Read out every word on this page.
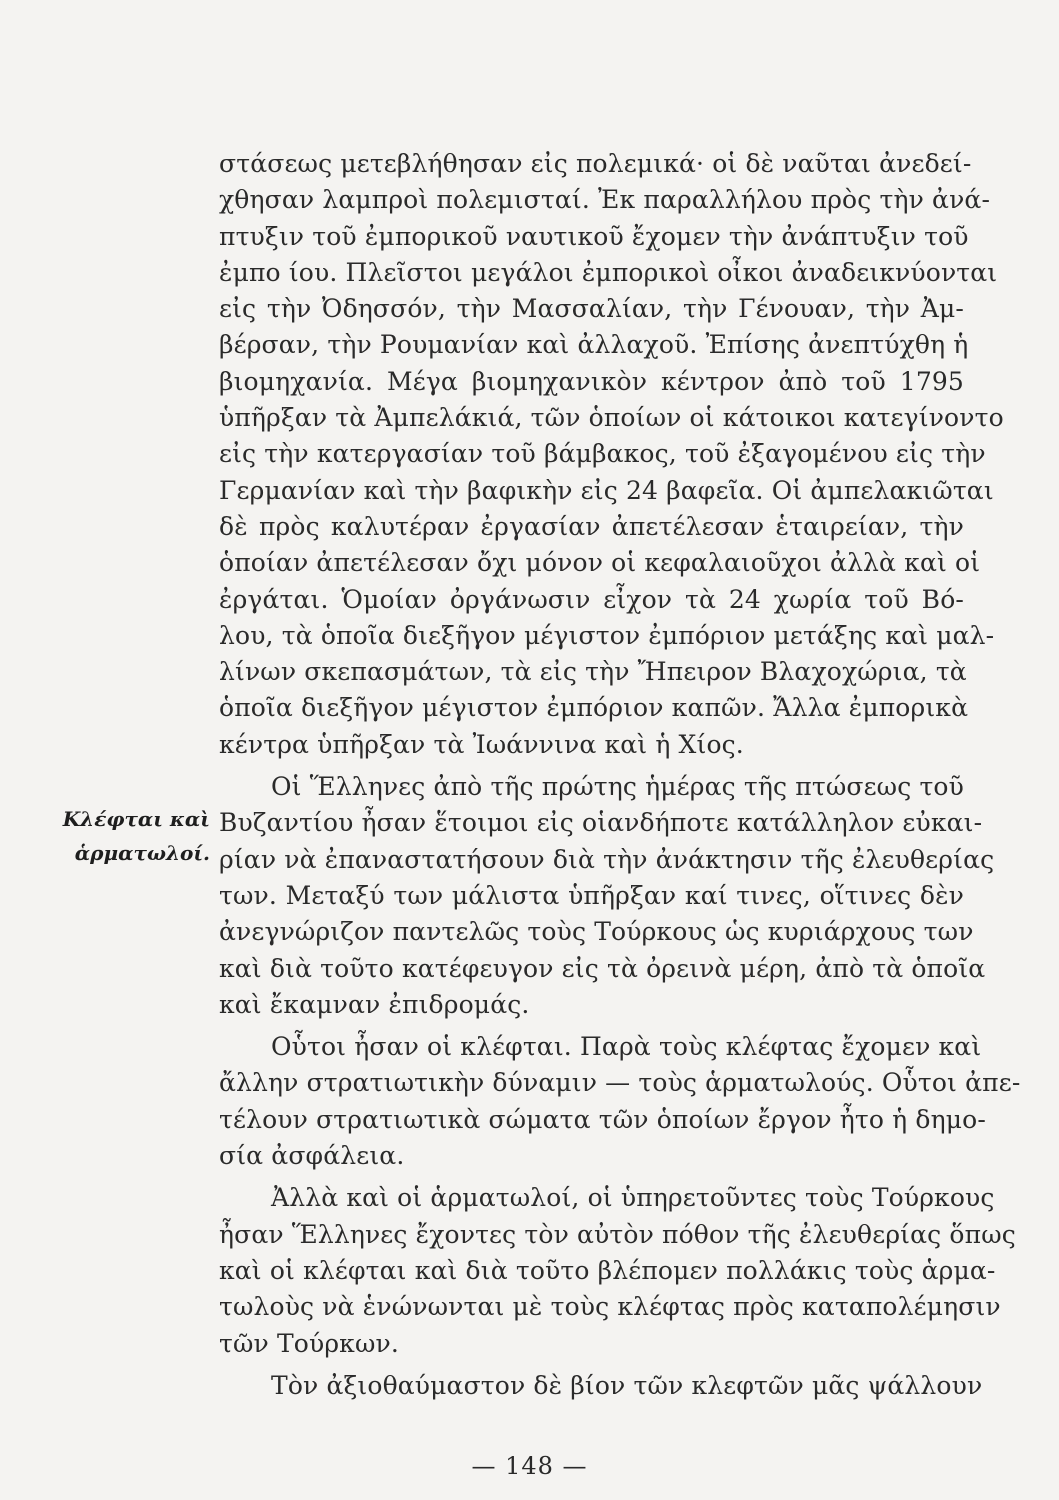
Κλέφται καὶ
ἁρματωλοί.
στάσεως μετεβλήθησαν εἰς πολεμικά· οἱ δὲ ναῦται ἀνεδεί-
χθησαν λαμπροὶ πολεμισταί. Ἐκ παραλλήλου πρὸς τὴν ἀνά-
πτυξιν τοῦ ἐμπορικοῦ ναυτικοῦ ἔχομεν τὴν ἀνάπτυξιν τοῦ
ἐμπο ίου. Πλεῖστοι μεγάλοι ἐμπορικοὶ οἶκοι ἀναδεικνύονται
εἰς τὴν Ὀδησσόν, τὴν Μασσαλίαν, τὴν Γένουαν, τὴν Ἀμ-
βέρσαν, τὴν Ρουμανίαν καὶ ἀλλαχοῦ. Ἐπίσης ἀνεπτύχθη ἡ
βιομηχανία. Μέγα βιομηχανικὸν κέντρον ἀπὸ τοῦ 1795
ὑπῆρξαν τὰ Ἀμπελάκιά, τῶν ὁποίων οἱ κάτοικοι κατεγίνοντο
εἰς τὴν κατεργασίαν τοῦ βάμβακος, τοῦ ἐξαγομένου εἰς τὴν
Γερμανίαν καὶ τὴν βαφικὴν εἰς 24 βαφεῖα. Οἱ ἀμπελακιῶται
δὲ πρὸς καλυτέραν ἐργασίαν ἀπετέλεσαν ἑταιρείαν, τὴν
ὁποίαν ἀπετέλεσαν ὄχι μόνον οἱ κεφαλαιοῦχοι ἀλλὰ καὶ οἱ
ἐργάται. Ὁμοίαν ὀργάνωσιν εἶχον τὰ 24 χωρία τοῦ Βό-
λου, τὰ ὁποῖα διεξῆγον μέγιστον ἐμπόριον μετάξης καὶ μαλ-
λίνων σκεπασμάτων, τὰ εἰς τὴν Ἤπειρον Βλαχοχώρια, τὰ
ὁποῖα διεξῆγον μέγιστον ἐμπόριον καπῶν. Ἄλλα ἐμπορικὰ
κέντρα ὑπῆρξαν τὰ Ἰωάννινα καὶ ἡ Χίος.
Οἱ Ἕλληνες ἀπὸ τῆς πρώτης ἡμέρας τῆς πτώσεως τοῦ
Βυζαντίου ἦσαν ἕτοιμοι εἰς οἱανδήποτε κατάλληλον εὐκαι-
ρίαν νὰ ἐπαναστατήσουν διὰ τὴν ἀνάκτησιν τῆς ἐλευθερίας
των. Μεταξύ των μάλιστα ὑπῆρξαν καί τινες, οἵτινες δὲν
ἀνεγνώριζον παντελῶς τοὺς Τούρκους ὡς κυριάρχους των
καὶ διὰ τοῦτο κατέφευγον εἰς τὰ ὀρεινὰ μέρη, ἀπὸ τὰ ὁποῖα
καὶ ἔκαμναν ἐπιδρομάς.
Οὗτοι ἦσαν οἱ κλέφται. Παρὰ τοὺς κλέφτας ἔχομεν καὶ
ἄλλην στρατιωτικὴν δύναμιν — τοὺς ἁρματωλούς. Οὗτοι ἀπε-
τέλουν στρατιωτικὰ σώματα τῶν ὁποίων ἔργον ἦτο ἡ δημο-
σία ἀσφάλεια.
Ἀλλὰ καὶ οἱ ἁρματωλοί, οἱ ὑπηρετοῦντες τοὺς Τούρκους
ἦσαν Ἕλληνες ἔχοντες τὸν αὐτὸν πόθον τῆς ἐλευθερίας ὅπως
καὶ οἱ κλέφται καὶ διὰ τοῦτο βλέπομεν πολλάκις τοὺς ἁρμα-
τωλοὺς νὰ ἑνώνωνται μὲ τοὺς κλέφτας πρὸς καταπολέμησιν
τῶν Τούρκων.
Τὸν ἀξιοθαύμαστον δὲ βίον τῶν κλεφτῶν μᾶς ψάλλουν
— 148 —
